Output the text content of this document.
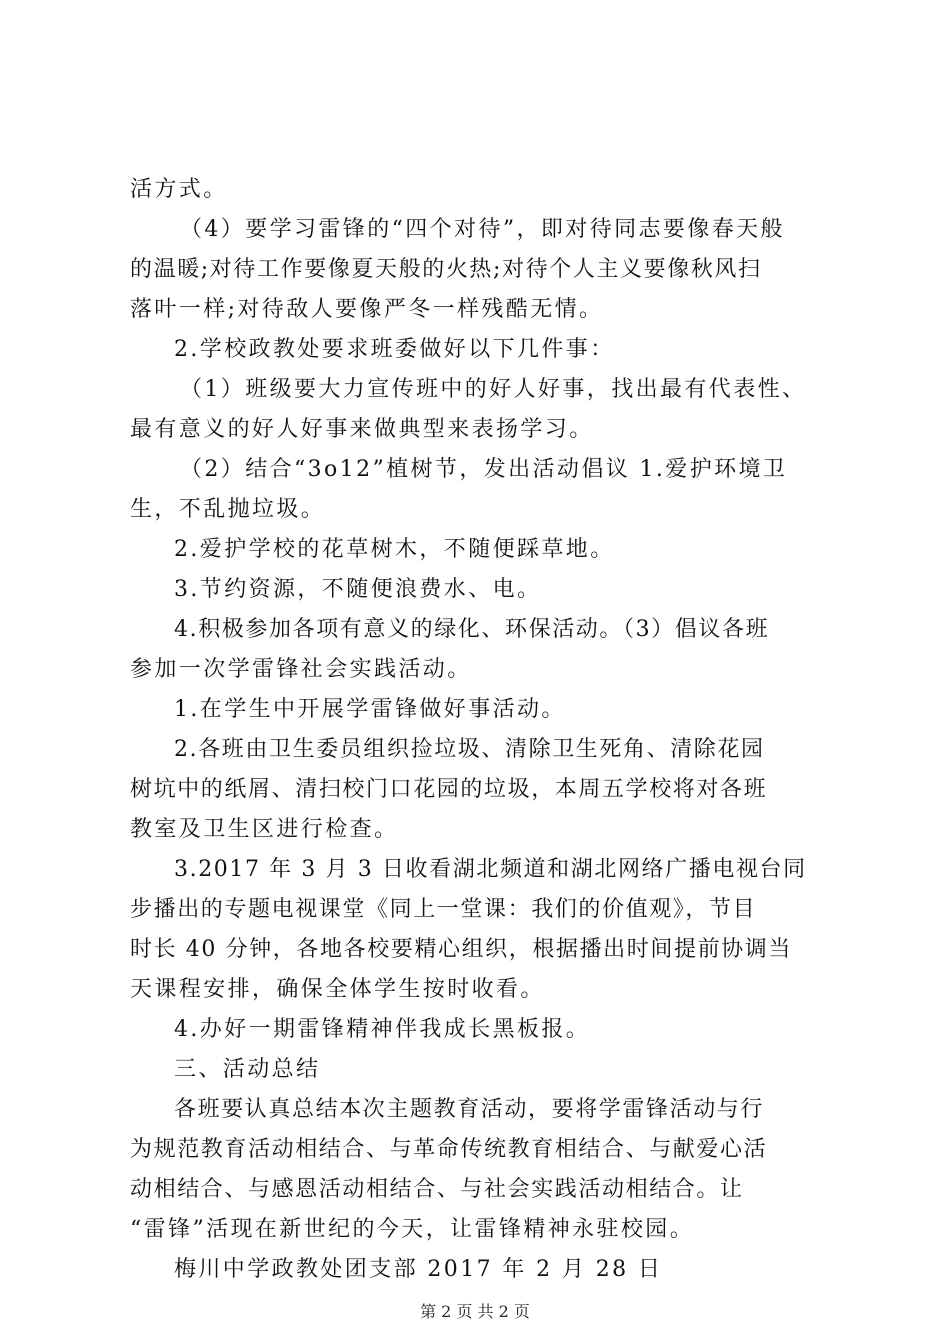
活方式。
（4）要学习雷锋的“四个对待”，即对待同志要像春天般
的温暖;对待工作要像夏天般的火热;对待个人主义要像秋风扫
落叶一样;对待敌人要像严冬一样残酷无情。
2.学校政教处要求班委做好以下几件事：
（1）班级要大力宣传班中的好人好事，找出最有代表性、
最有意义的好人好事来做典型来表扬学习。
（2）结合“3o12”植树节，发出活动倡议 1.爱护环境卫
生，不乱抛垃圾。
2.爱护学校的花草树木，不随便踩草地。
3.节约资源，不随便浪费水、电。
4.积极参加各项有意义的绿化、环保活动。（3）倡议各班
参加一次学雷锋社会实践活动。
1.在学生中开展学雷锋做好事活动。
2.各班由卫生委员组织捡垃圾、清除卫生死角、清除花园
树坑中的纸屑、清扫校门口花园的垃圾，本周五学校将对各班
教室及卫生区进行检查。
3.2017 年 3 月 3 日收看湖北频道和湖北网络广播电视台同
步播出的专题电视课堂《同上一堂课：我们的价值观》，节目
时长 40 分钟，各地各校要精心组织，根据播出时间提前协调当
天课程安排，确保全体学生按时收看。
4.办好一期雷锋精神伴我成长黑板报。
三、活动总结
各班要认真总结本次主题教育活动，要将学雷锋活动与行
为规范教育活动相结合、与革命传统教育相结合、与献爱心活
动相结合、与感恩活动相结合、与社会实践活动相结合。让
“雷锋”活现在新世纪的今天，让雷锋精神永驻校园。
梅川中学政教处团支部 2017 年 2 月 28 日
第 2 页 共 2 页
